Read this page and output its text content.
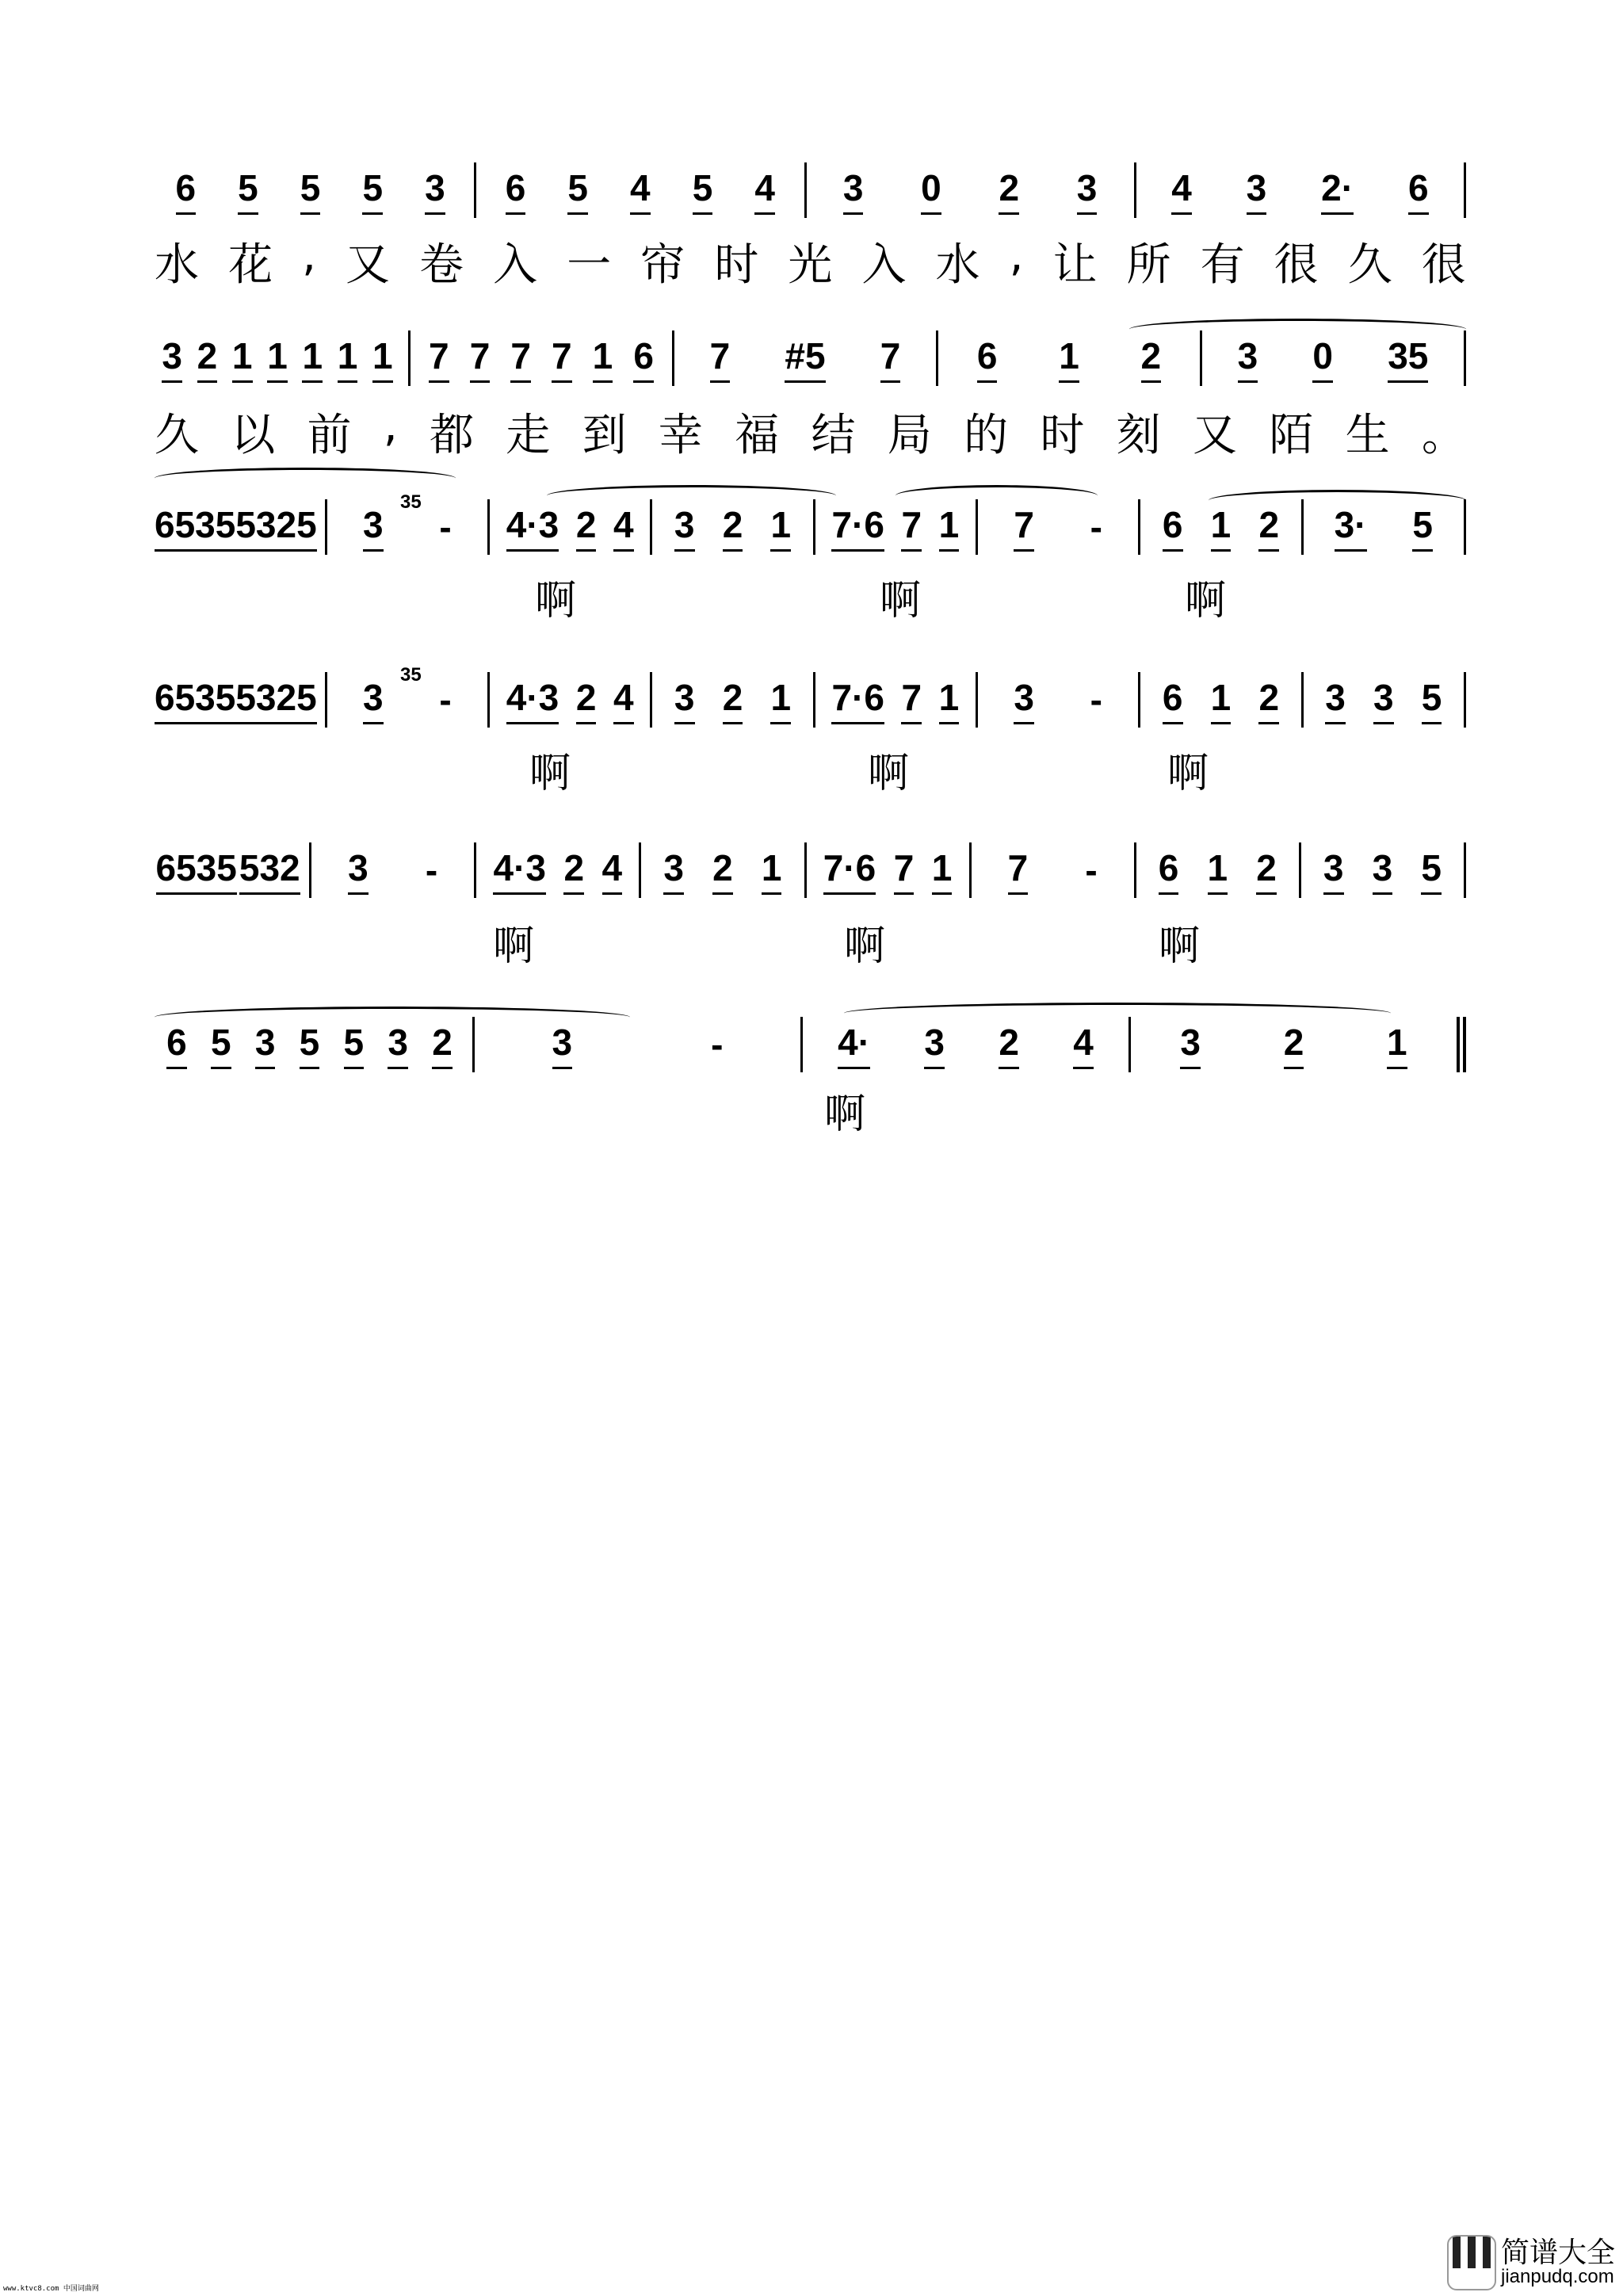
6 5 5 5 3 6 5 4 5 4 3 0 2 3 4 3 2· 6
3 2 1 1 1 1 1 7 7 7 7 1 6 7 #5 7 6 1 2 3 0 35
6535 5325 3 - 4·3 2 4 3 2 1 7·6 7 1 7 - 6 1 2 3· 5
35
6535 5325 3 - 4·3 2 4 3 2 1 7·6 7 1 3 - 6 1 2 3 3 5
35
6535 532 3 - 4·3 2 4 3 2 1 7·6 7 1 7 - 6 1 2 3 3 5
6 5 3 5 5 3 2	3	-	4· 3 2 4 3 2 1
水 花 , 又 卷 入 一 帘 时 光 入 水 , 让 所 有 很 久 很
久 以 前 , 都 走 到 幸 福 结 局 的 时 刻 又 陌 生 。
啊	啊	啊
啊	啊	啊
啊	啊	啊
啊
www.ktvc8.com 中国词曲网
简谱大全
jianpudq.com
